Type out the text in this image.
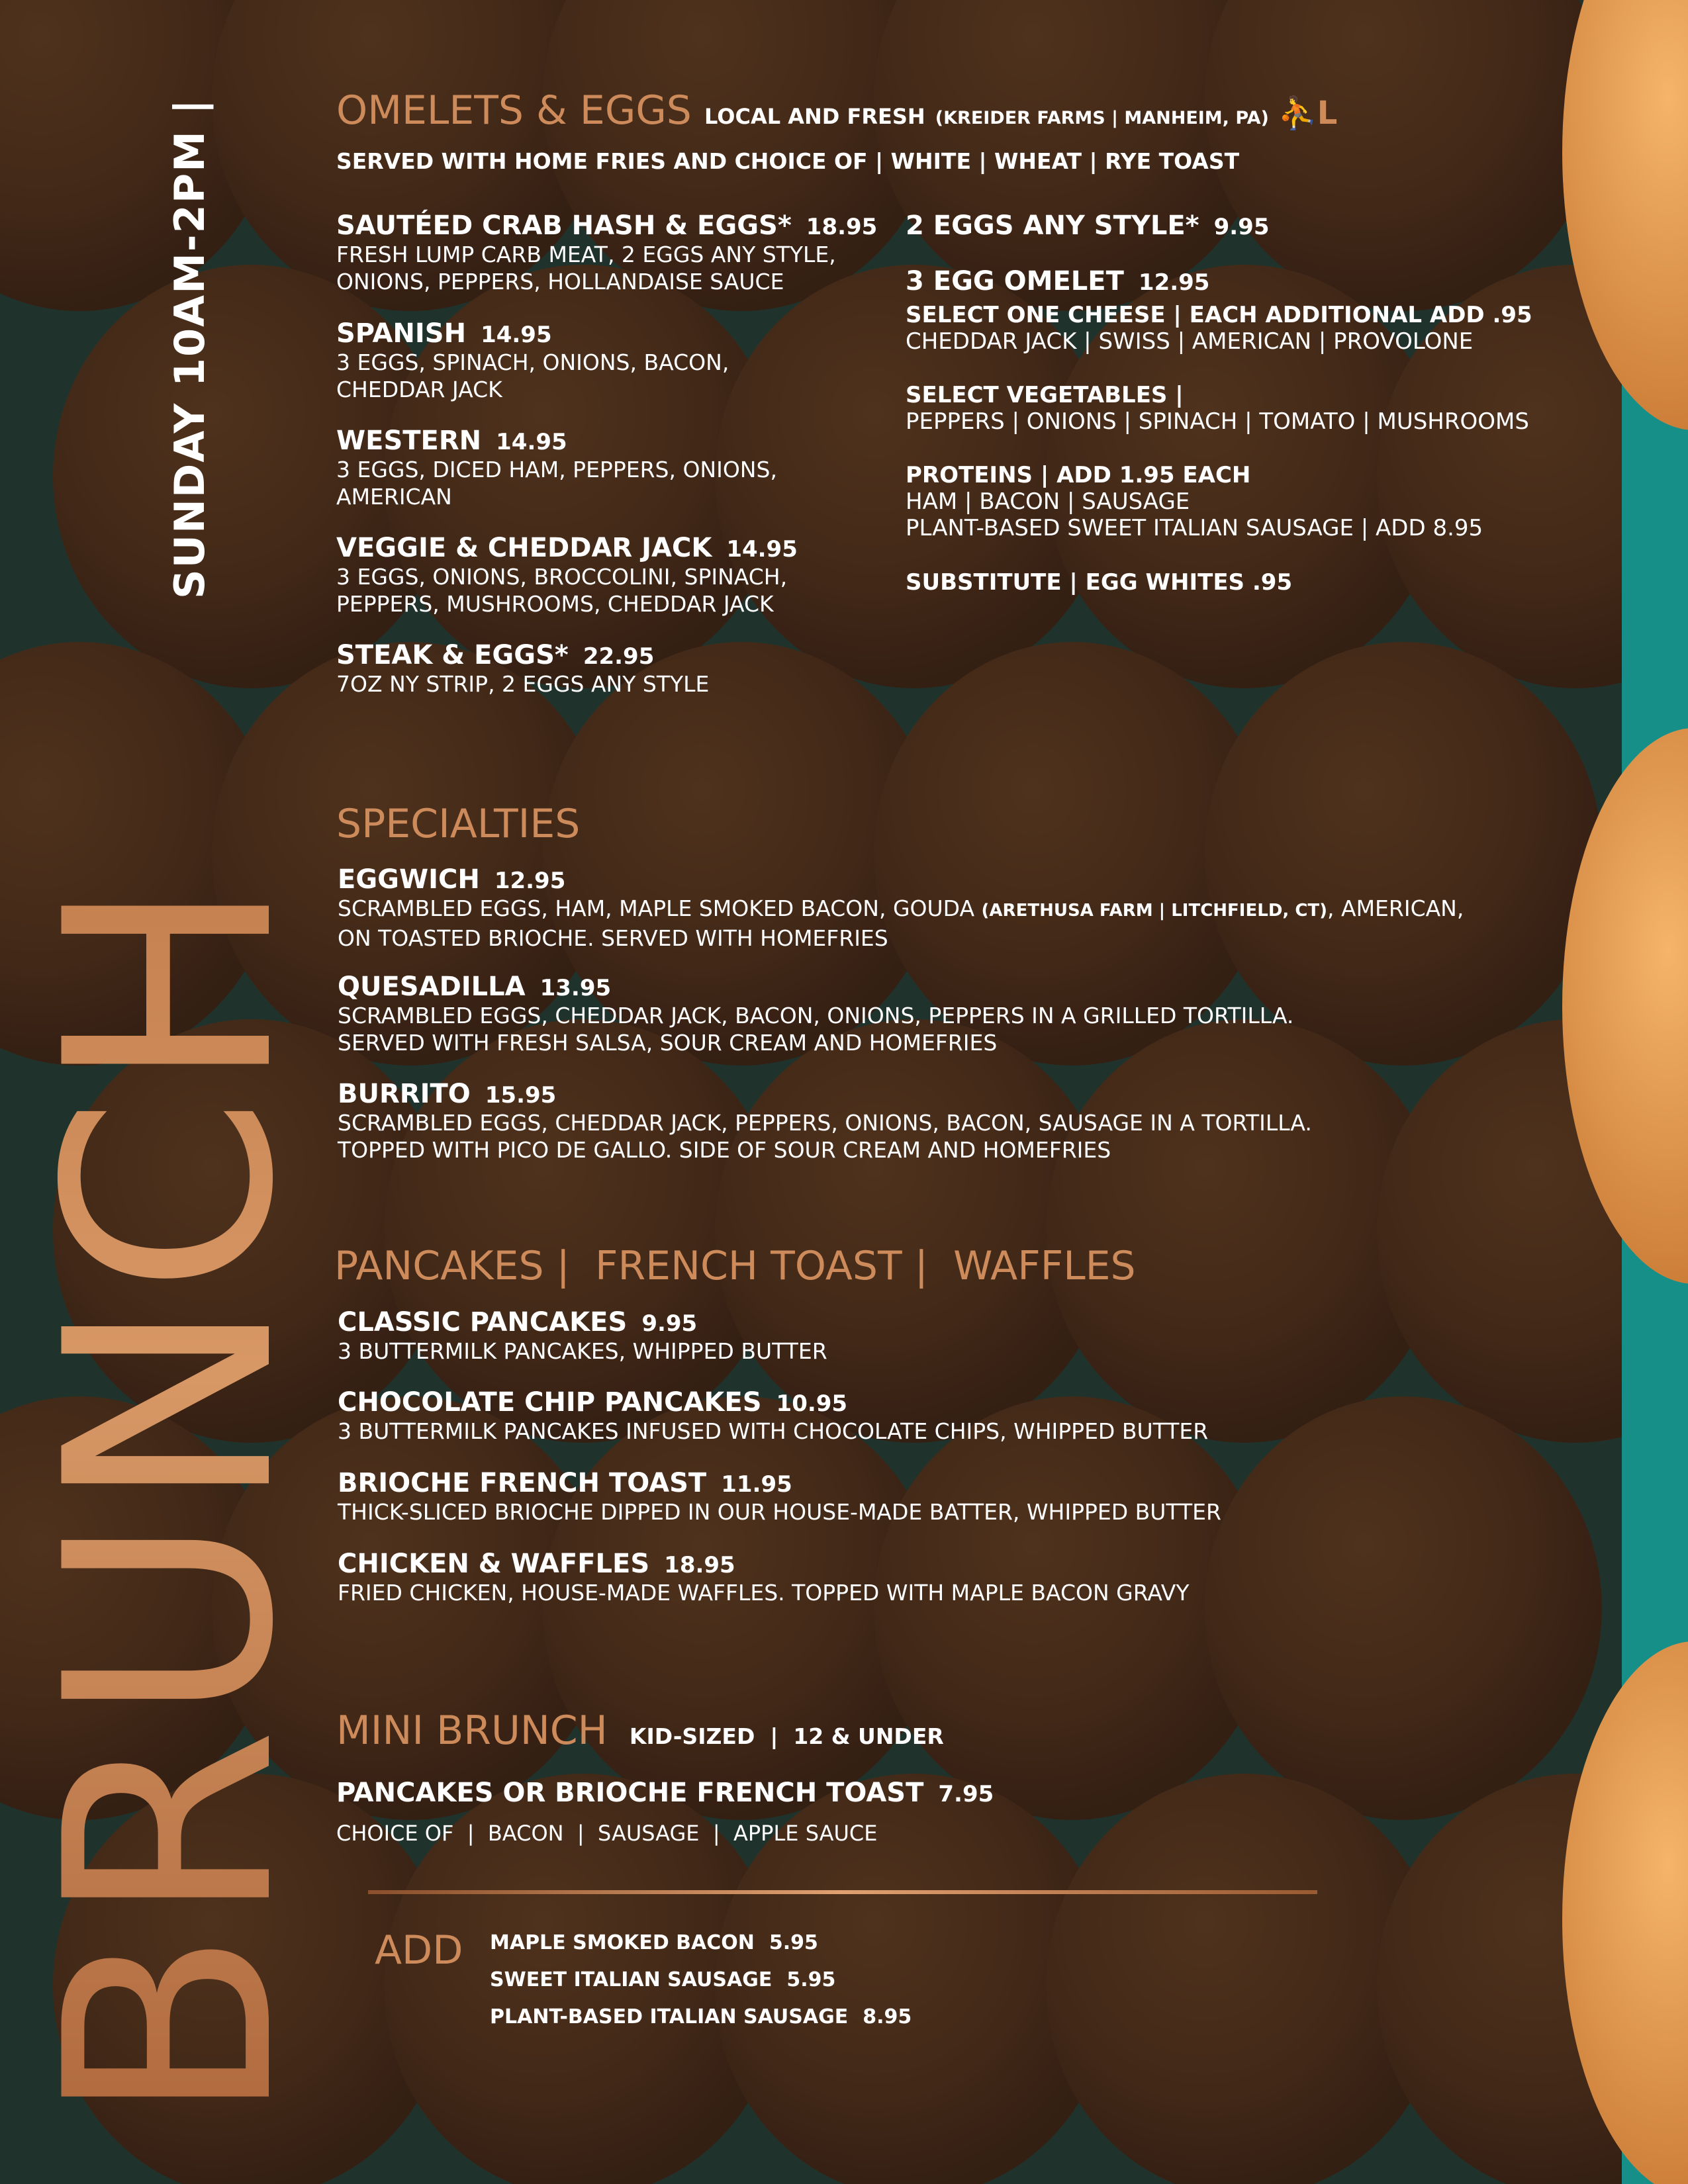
BRUNCH
SUNDAY 10AM-2PM |	OMELETS & EGGS LOCAL AND FRESH (KREIDER FARMS | MANHEIM, PA) ⛹L
SERVED WITH HOME FRIES AND CHOICE OF | WHITE | WHEAT | RYE TOAST
SAUTÉED CRAB HASH & EGGS* 18.95
FRESH LUMP CARB MEAT, 2 EGGS ANY STYLE,
ONIONS, PEPPERS, HOLLANDAISE SAUCE
SPANISH 14.95
3 EGGS, SPINACH, ONIONS, BACON,
CHEDDAR JACK
WESTERN 14.95
3 EGGS, DICED HAM, PEPPERS, ONIONS,
AMERICAN
VEGGIE & CHEDDAR JACK 14.95
3 EGGS, ONIONS, BROCCOLINI, SPINACH,
PEPPERS, MUSHROOMS, CHEDDAR JACK
STEAK & EGGS* 22.95
7OZ NY STRIP, 2 EGGS ANY STYLE
2 EGGS ANY STYLE* 9.95
3 EGG OMELET 12.95
SELECT ONE CHEESE | EACH ADDITIONAL ADD .95
CHEDDAR JACK | SWISS | AMERICAN | PROVOLONE
SELECT VEGETABLES |
PEPPERS | ONIONS | SPINACH | TOMATO | MUSHROOMS
PROTEINS | ADD 1.95 EACH
HAM | BACON | SAUSAGE
PLANT-BASED SWEET ITALIAN SAUSAGE | ADD 8.95
SUBSTITUTE | EGG WHITES .95
SPECIALTIES
EGGWICH 12.95
SCRAMBLED EGGS, HAM, MAPLE SMOKED BACON, GOUDA (ARETHUSA FARM | LITCHFIELD, CT), AMERICAN,
ON TOASTED BRIOCHE. SERVED WITH HOMEFRIES
QUESADILLA 13.95
SCRAMBLED EGGS, CHEDDAR JACK, BACON, ONIONS, PEPPERS IN A GRILLED TORTILLA.
SERVED WITH FRESH SALSA, SOUR CREAM AND HOMEFRIES
BURRITO 15.95
SCRAMBLED EGGS, CHEDDAR JACK, PEPPERS, ONIONS, BACON, SAUSAGE IN A TORTILLA.
TOPPED WITH PICO DE GALLO. SIDE OF SOUR CREAM AND HOMEFRIES
PANCAKES |  FRENCH TOAST |  WAFFLES
CLASSIC PANCAKES 9.95
3 BUTTERMILK PANCAKES, WHIPPED BUTTER
CHOCOLATE CHIP PANCAKES 10.95
3 BUTTERMILK PANCAKES INFUSED WITH CHOCOLATE CHIPS, WHIPPED BUTTER
BRIOCHE FRENCH TOAST 11.95
THICK-SLICED BRIOCHE DIPPED IN OUR HOUSE-MADE BATTER, WHIPPED BUTTER
CHICKEN & WAFFLES 18.95
FRIED CHICKEN, HOUSE-MADE WAFFLES. TOPPED WITH MAPLE BACON GRAVY
MINI BRUNCH KID-SIZED  |  12 & UNDER
PANCAKES OR BRIOCHE FRENCH TOAST 7.95
CHOICE OF  |  BACON  |  SAUSAGE  |  APPLE SAUCE
ADD MAPLE SMOKED BACON 5.95
SWEET ITALIAN SAUSAGE 5.95
PLANT-BASED ITALIAN SAUSAGE 8.95
